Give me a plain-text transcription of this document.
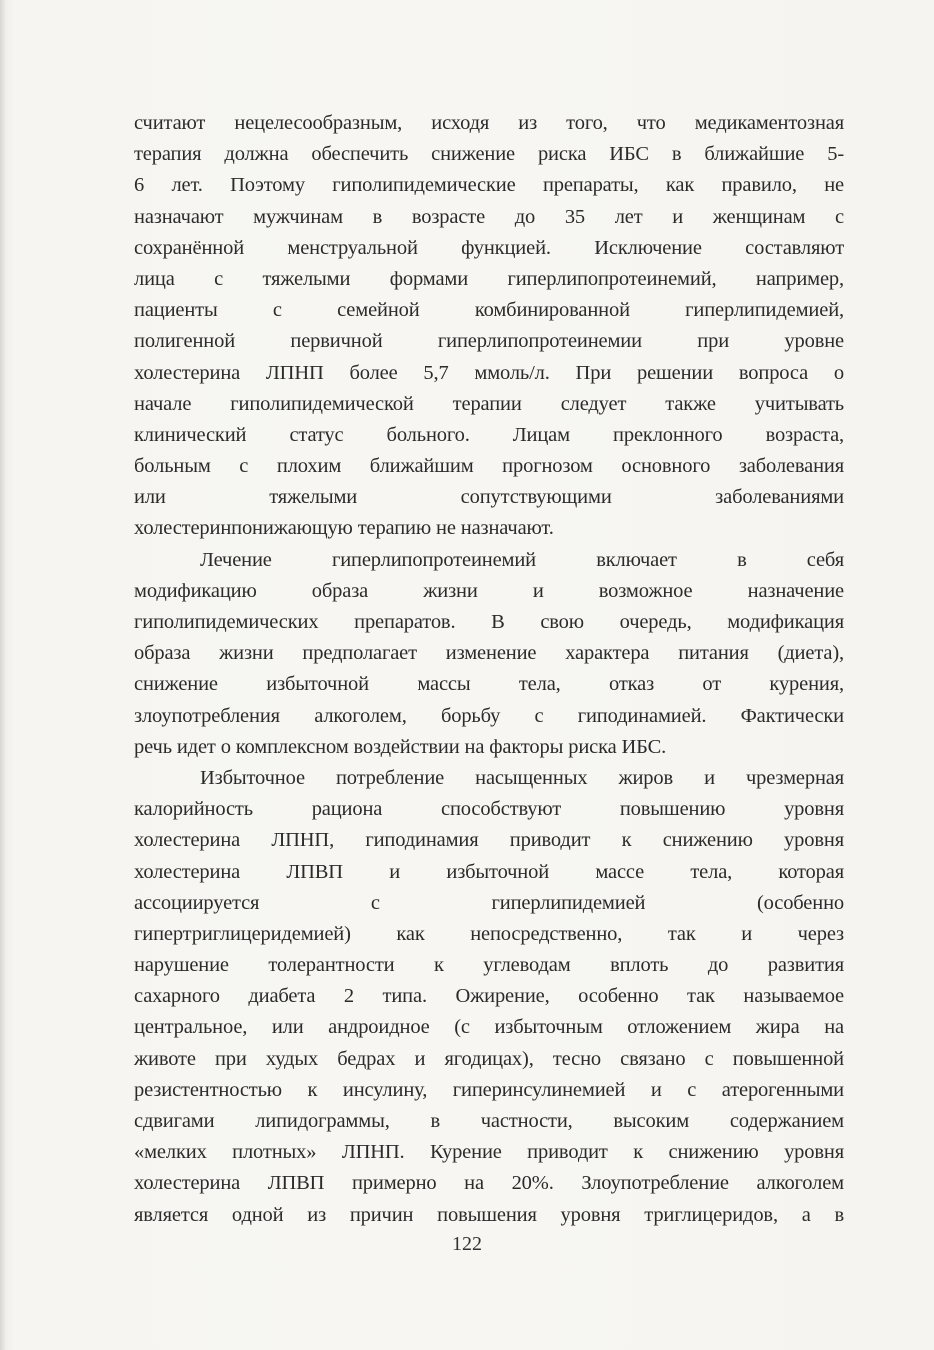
считают нецелесообразным, исходя из того, что медикаментозная
терапия должна обеспечить снижение риска ИБС в ближайшие 5-
6 лет. Поэтому гиполипидемические препараты, как правило, не
назначают мужчинам в возрасте до 35 лет и женщинам с
сохранённой менструальной функцией. Исключение составляют
лица с тяжелыми формами гиперлипопротеинемий, например,
пациенты с семейной комбинированной гиперлипидемией,
полигенной первичной гиперлипопротеинемии при уровне
холестерина ЛПНП более 5,7 ммоль/л. При решении вопроса о
начале гиполипидемической терапии следует также учитывать
клинический статус больного. Лицам преклонного возраста,
больным с плохим ближайшим прогнозом основного заболевания
или тяжелыми сопутствующими заболеваниями
холестеринпонижающую терапию не назначают.
Лечение гиперлипопротеинемий включает в себя
модификацию образа жизни и возможное назначение
гиполипидемических препаратов. В свою очередь, модификация
образа жизни предполагает изменение характера питания (диета),
снижение избыточной массы тела, отказ от курения,
злоупотребления алкоголем, борьбу с гиподинамией. Фактически
речь идет о комплексном воздействии на факторы риска ИБС.
Избыточное потребление насыщенных жиров и чрезмерная
калорийность рациона способствуют повышению уровня
холестерина ЛПНП, гиподинамия приводит к снижению уровня
холестерина ЛПВП и избыточной массе тела, которая
ассоциируется с гиперлипидемией (особенно
гипертриглицеридемией) как непосредственно, так и через
нарушение толерантности к углеводам вплоть до развития
сахарного диабета 2 типа. Ожирение, особенно так называемое
центральное, или андроидное (с избыточным отложением жира на
животе при худых бедрах и ягодицах), тесно связано с повышенной
резистентностью к инсулину, гиперинсулинемией и с атерогенными
сдвигами липидограммы, в частности, высоким содержанием
«мелких плотных» ЛПНП. Курение приводит к снижению уровня
холестерина ЛПВП примерно на 20%. Злоупотребление алкоголем
является одной из причин повышения уровня триглицеридов, а в
122
